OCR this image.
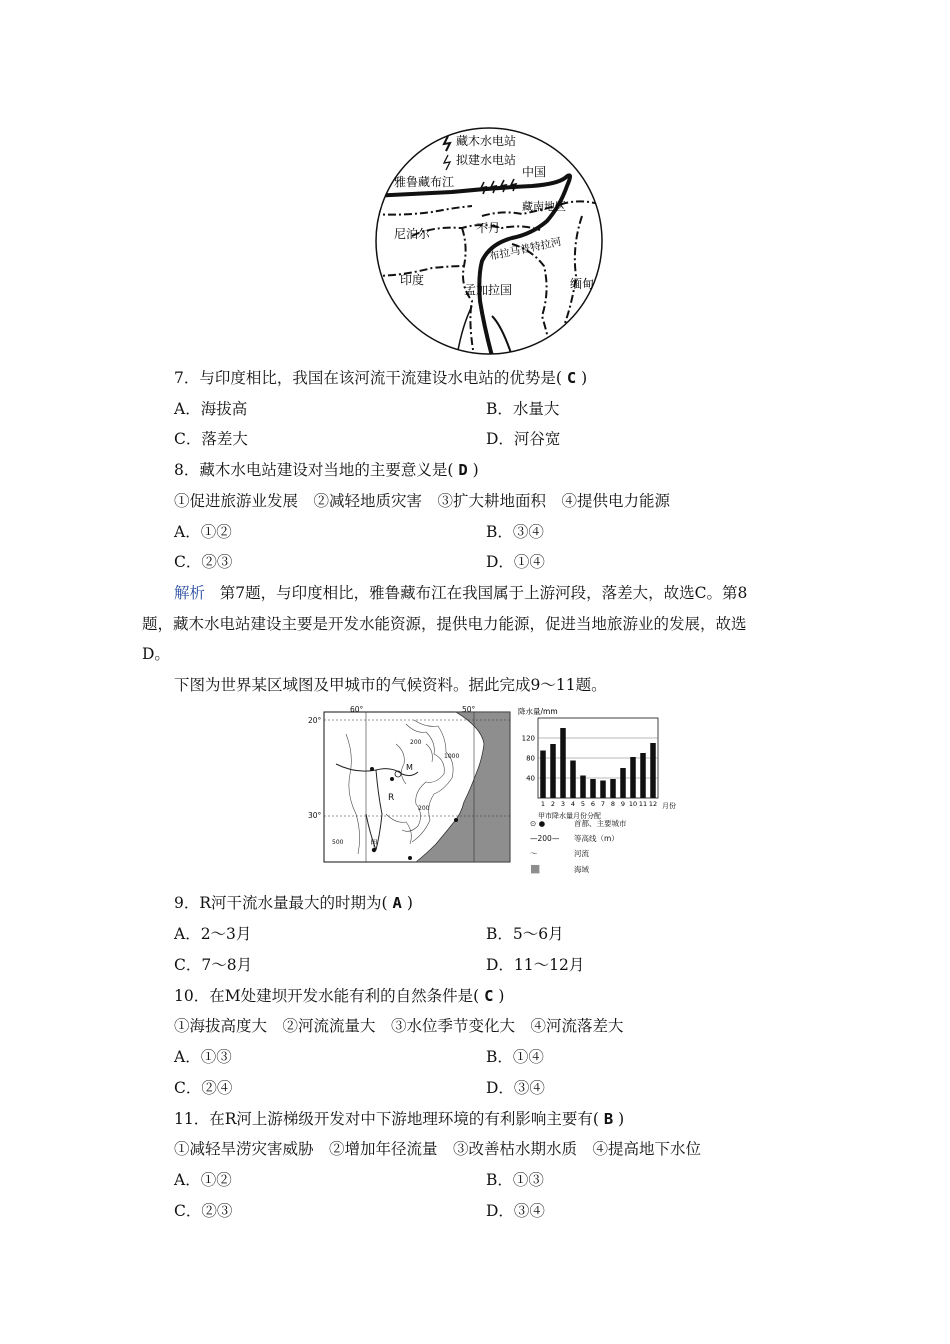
藏木水电站
拟建水电站
雅鲁藏布江
中国
藏南地区
尼泊尔	不丹
布拉马普特拉河
印度
孟加拉国	缅甸
7．与印度相比，我国在该河流干流建设水电站的优势是( C )
A．海拔高	B．水量大
C．落差大	D．河谷宽
8．藏木水电站建设对当地的主要意义是( D )
①促进旅游业发展　②减轻地质灾害　③扩大耕地面积　④提供电力能源
A．①②	B．③④
C．②③	D．①④
解析 第7题，与印度相比，雅鲁藏布江在我国属于上游河段，落差大，故选C。第8
题，藏木水电站建设主要是开发水能资源，提供电力能源，促进当地旅游业的发展，故选
D。
下图为世界某区域图及甲城市的气候资料。据此完成9～11题。
60°	50°
20°
30°
R
M
甲
200
1000
200
500
降水量/mm
月份
甲市降水量月份分配
40
80
120
1 2 3 4 5 6 7 8 9 10 11 12
⊙ ●	首都、主要城市
—200— 等高线（m）
〜	河流
■	海域
9．R河干流水量最大的时期为( A )
A．2～3月	B．5～6月
C．7～8月	D．11～12月
10．在M处建坝开发水能有利的自然条件是( C )
①海拔高度大　②河流流量大　③水位季节变化大　④河流落差大
A．①③	B．①④
C．②④	D．③④
11．在R河上游梯级开发对中下游地理环境的有利影响主要有( B )
①减轻旱涝灾害威胁　②增加年径流量　③改善枯水期水质　④提高地下水位
A．①②	B．①③
C．②③	D．③④
